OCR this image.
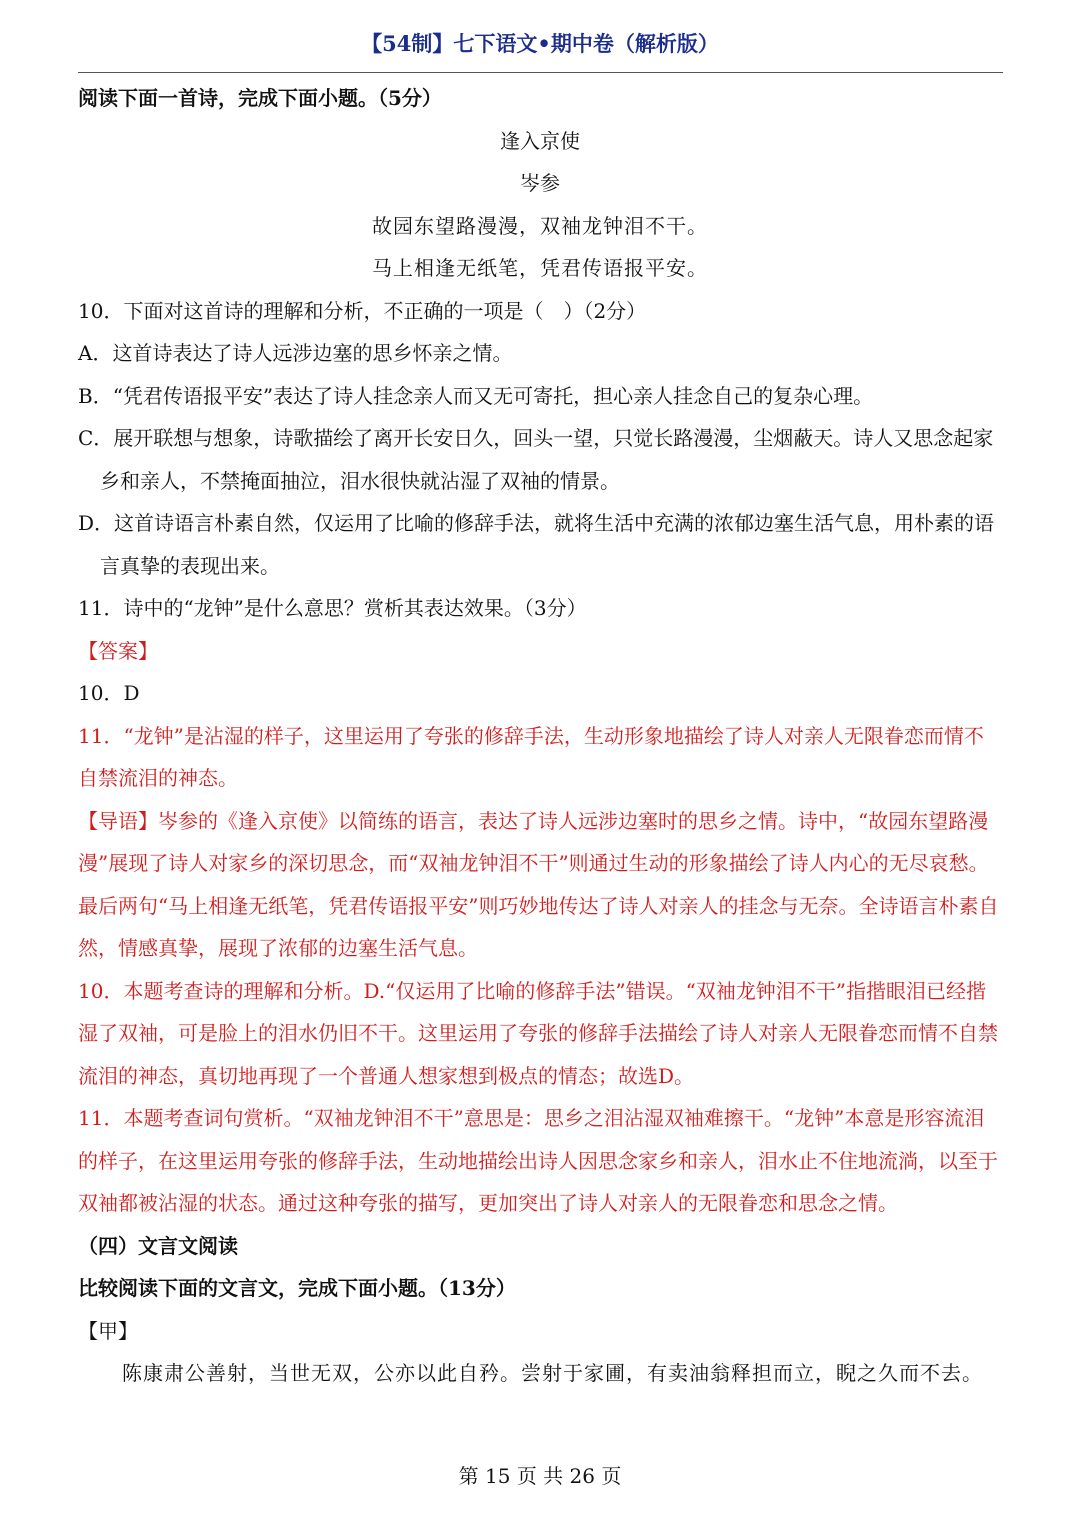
【54制】七下语文•期中卷（解析版）

阅读下面一首诗，完成下面小题。（5分）

逢入京使

岑参

故园东望路漫漫，双袖龙钟泪不干。

马上相逢无纸笔，凭君传语报平安。

10．下面对这首诗的理解和分析，不正确的一项是（　）（2分）

A．这首诗表达了诗人远涉边塞的思乡怀亲之情。

B．“凭君传语报平安”表达了诗人挂念亲人而又无可寄托，担心亲人挂念自己的复杂心理。

C．展开联想与想象，诗歌描绘了离开长安日久，回头一望，只觉长路漫漫，尘烟蔽天。诗人又思念起家乡和亲人，不禁掩面抽泣，泪水很快就沾湿了双袖的情景。

D．这首诗语言朴素自然，仅运用了比喻的修辞手法，就将生活中充满的浓郁边塞生活气息，用朴素的语言真挚的表现出来。

11．诗中的“龙钟”是什么意思？赏析其表达效果。（3分）

【答案】

10．D

11．“龙钟”是沾湿的样子，这里运用了夸张的修辞手法，生动形象地描绘了诗人对亲人无限眷恋而情不自禁流泪的神态。

【导语】岑参的《逢入京使》以简练的语言，表达了诗人远涉边塞时的思乡之情。诗中，“故园东望路漫漫”展现了诗人对家乡的深切思念，而“双袖龙钟泪不干”则通过生动的形象描绘了诗人内心的无尽哀愁。最后两句“马上相逢无纸笔，凭君传语报平安”则巧妙地传达了诗人对亲人的挂念与无奈。全诗语言朴素自然，情感真挚，展现了浓郁的边塞生活气息。

10．本题考查诗的理解和分析。D.“仅运用了比喻的修辞手法”错误。“双袖龙钟泪不干”指揩眼泪已经揩湿了双袖，可是脸上的泪水仍旧不干。这里运用了夸张的修辞手法描绘了诗人对亲人无限眷恋而情不自禁流泪的神态，真切地再现了一个普通人想家想到极点的情态；故选D。

11．本题考查词句赏析。“双袖龙钟泪不干”意思是：思乡之泪沾湿双袖难擦干。“龙钟”本意是形容流泪的样子，在这里运用夸张的修辞手法，生动地描绘出诗人因思念家乡和亲人，泪水止不住地流淌，以至于双袖都被沾湿的状态。通过这种夸张的描写，更加突出了诗人对亲人的无限眷恋和思念之情。

（四）文言文阅读

比较阅读下面的文言文，完成下面小题。（13分）

【甲】

陈康肃公善射，当世无双，公亦以此自矜。尝射于家圃，有卖油翁释担而立，睨之久而不去。

第 15 页 共 26 页
